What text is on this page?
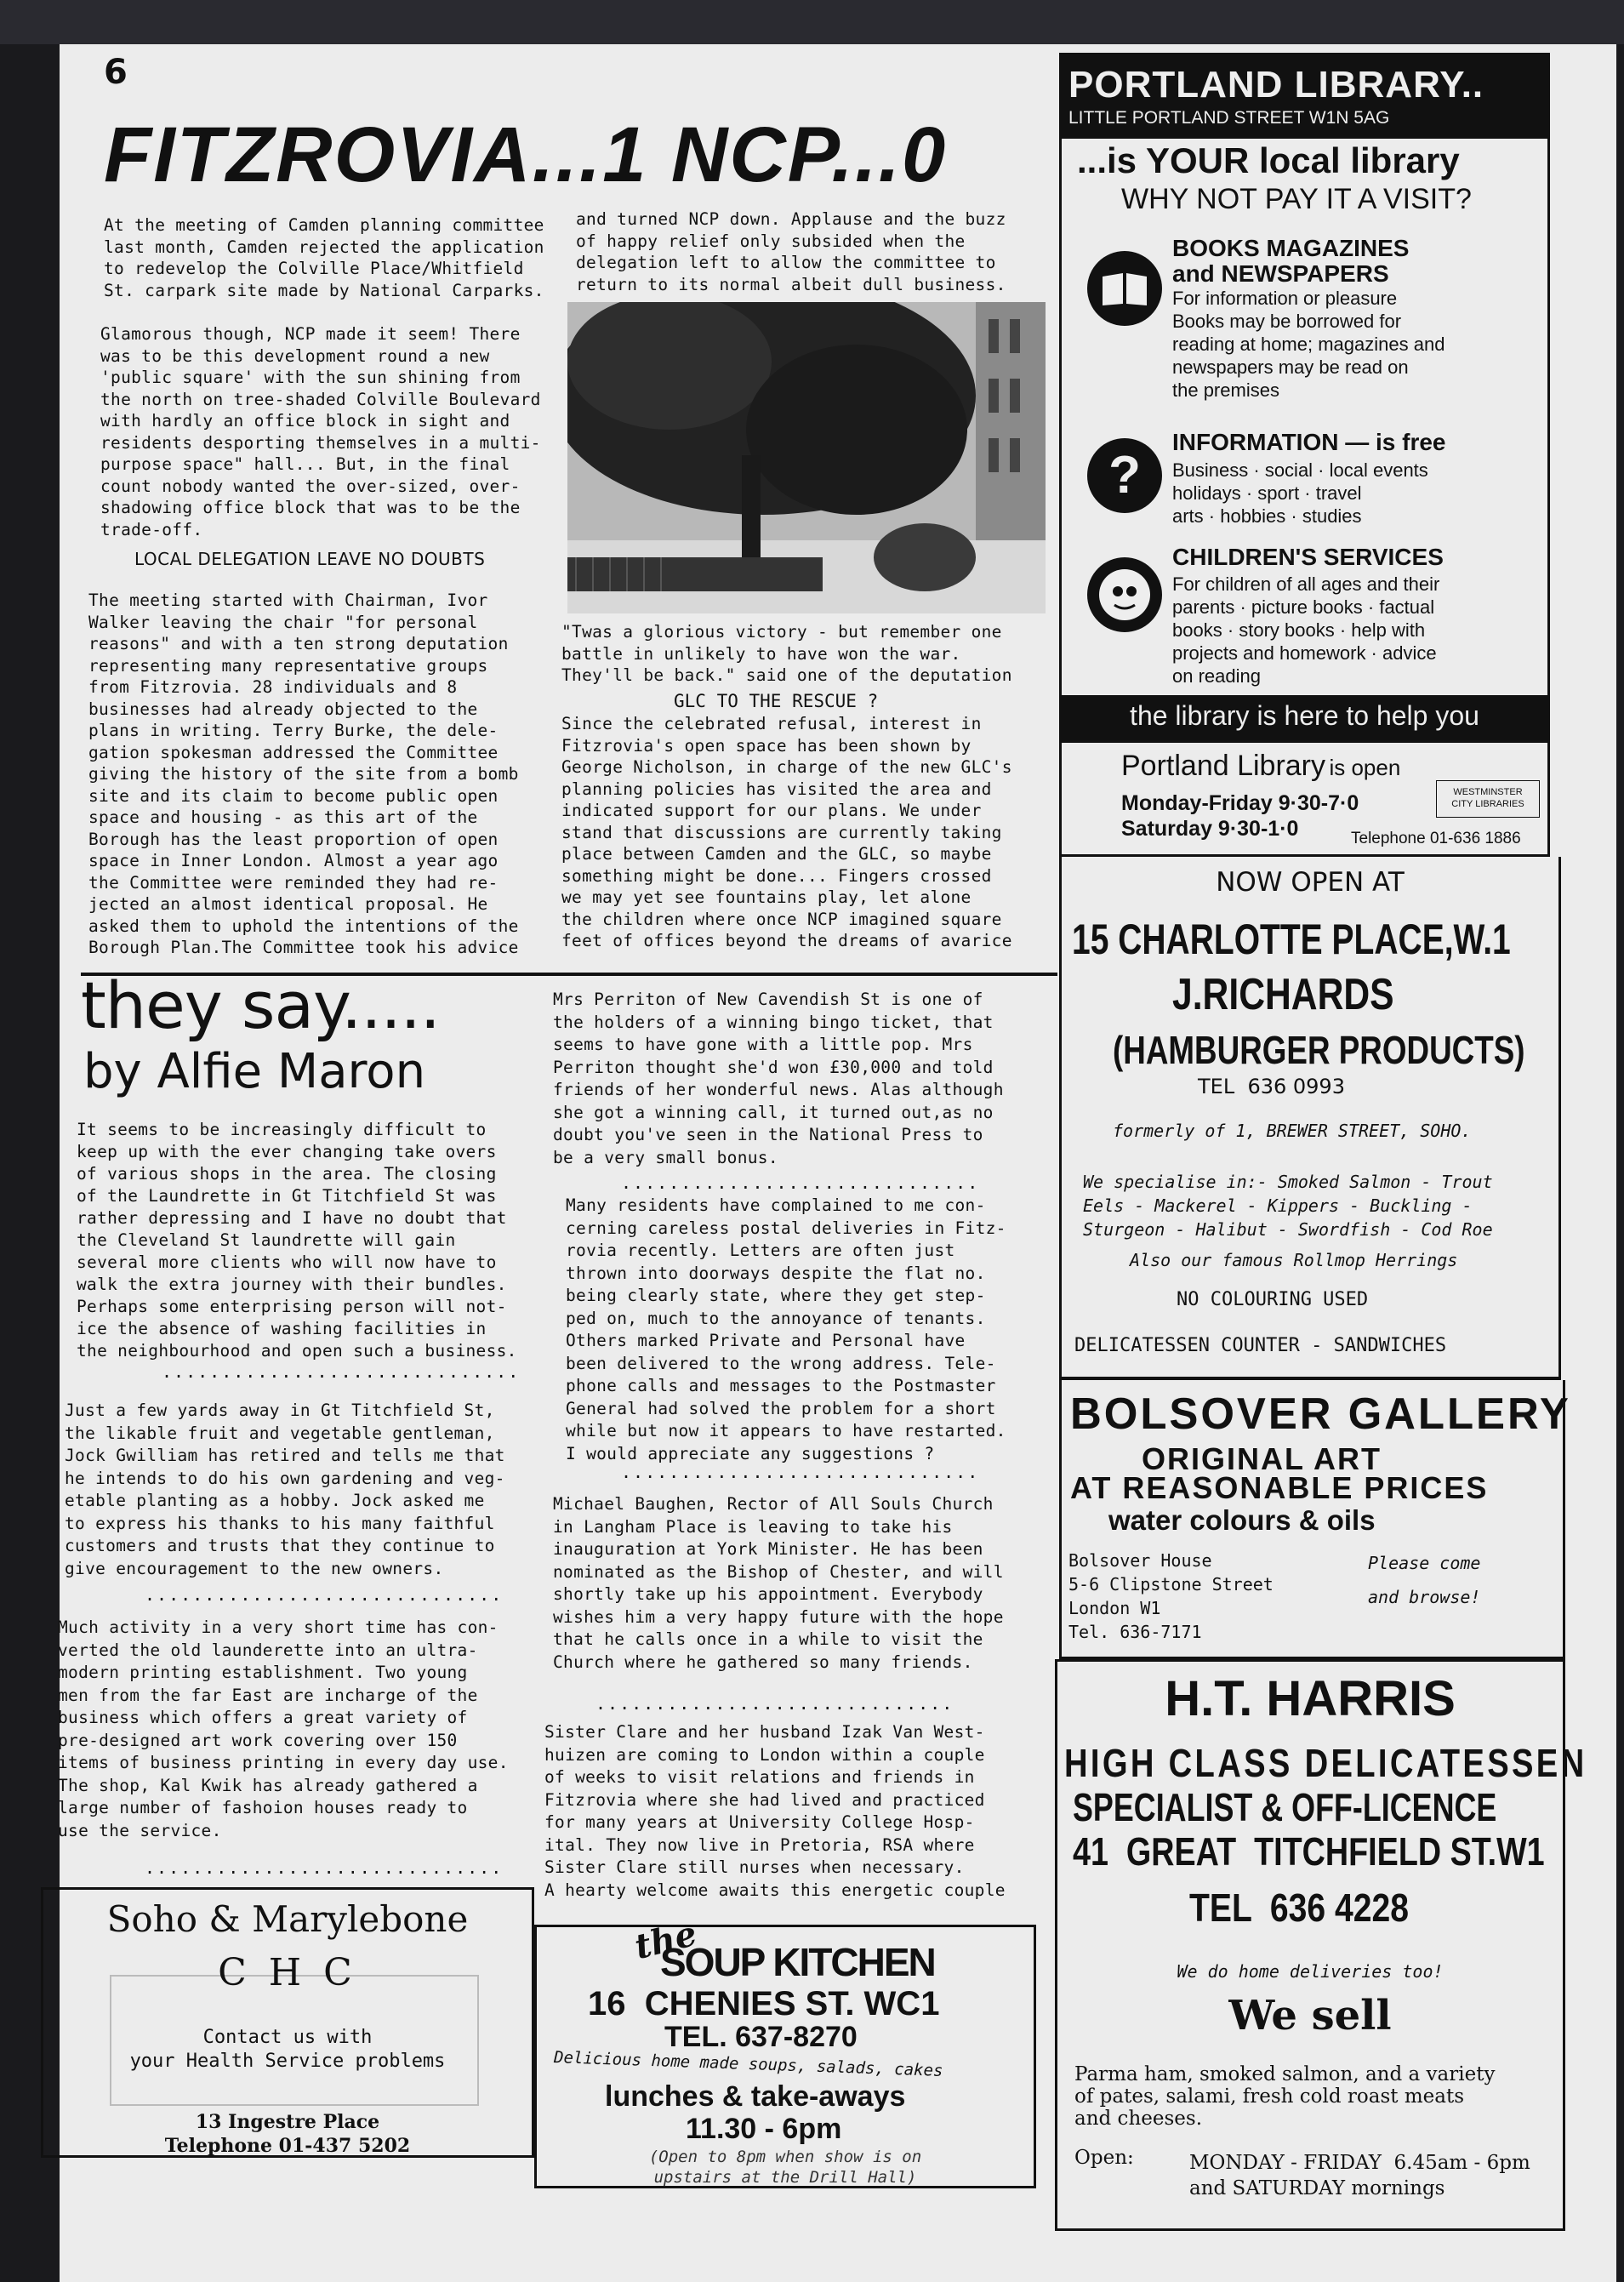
6
FITZROVIA...1 NCP...0
At the meeting of Camden planning committee
last month, Camden rejected the application
to redevelop the Colville Place/Whitfield
St. carpark site made by National Carparks.
and turned NCP down. Applause and the buzz
of happy relief only subsided when the
delegation left to allow the committee to
return to its normal albeit dull business.
Glamorous though, NCP made it seem! There
was to be this development round a new
'public square' with the sun shining from
the north on tree-shaded Colville Boulevard
with hardly an office block in sight and
residents desporting themselves in a multi-
purpose space" hall... But, in the final
count nobody wanted the over-sized, over-
shadowing office block that was to be the
trade-off.
LOCAL DELEGATION LEAVE NO DOUBTS
The meeting started with Chairman, Ivor
Walker leaving the chair "for personal
reasons" and with a ten strong deputation
representing many representative groups
from Fitzrovia. 28 individuals and 8
businesses had already objected to the
plans in writing. Terry Burke, the dele-
gation spokesman addressed the Committee
giving the history of the site from a bomb
site and its claim to become public open
space and housing - as this art of the
Borough has the least proportion of open
space in Inner London. Almost a year ago
the Committee were reminded they had re-
jected an almost identical proposal. He
asked them to uphold the intentions of the
Borough Plan.The Committee took his advice
"Twas a glorious victory - but remember one
battle in unlikely to have won the war.
They'll be back." said one of the deputation
GLC TO THE RESCUE ?
Since the celebrated refusal, interest in
Fitzrovia's open space has been shown by
George Nicholson, in charge of the new GLC's
planning policies has visited the area and
indicated support for our plans. We under
stand that discussions are currently taking
place between Camden and the GLC, so maybe
something might be done... Fingers crossed
we may yet see fountains play, let alone
the children where once NCP imagined square
feet of offices beyond the dreams of avarice
they say.....
by Alfie Maron
It seems to be increasingly difficult to
keep up with the ever changing take overs
of various shops in the area. The closing
of the Laundrette in Gt Titchfield St was
rather depressing and I have no doubt that
the Cleveland St laundrette will gain
several more clients who will now have to
walk the extra journey with their bundles.
Perhaps some enterprising person will not-
ice the absence of washing facilities in
the neighbourhood and open such a business.
..............................
Just a few yards away in Gt Titchfield St,
the likable fruit and vegetable gentleman,
Jock Gwilliam has retired and tells me that
he intends to do his own gardening and veg-
etable planting as a hobby. Jock asked me
to express his thanks to his many faithful
customers and trusts that they continue to
give encouragement to the new owners.
..............................
Much activity in a very short time has con-
verted the old launderette into an ultra-
modern printing establishment. Two young
men from the far East are incharge of the
business which offers a great variety of
pre-designed art work covering over 150
items of business printing in every day use.
The shop, Kal Kwik has already gathered a
large number of fashoion houses ready to
use the service.
..............................
Mrs Perriton of New Cavendish St is one of
the holders of a winning bingo ticket, that
seems to have gone with a little pop. Mrs
Perriton thought she'd won £30,000 and told
friends of her wonderful news. Alas although
she got a winning call, it turned out,as no
doubt you've seen in the National Press to
be a very small bonus.
..............................
Many residents have complained to me con-
cerning careless postal deliveries in Fitz-
rovia recently. Letters are often just
thrown into doorways despite the flat no.
being clearly state, where they get step-
ped on, much to the annoyance of tenants.
Others marked Private and Personal have
been delivered to the wrong address. Tele-
phone calls and messages to the Postmaster
General had solved the problem for a short
while but now it appears to have restarted.
I would appreciate any suggestions ?
..............................
Michael Baughen, Rector of All Souls Church
in Langham Place is leaving to take his
inauguration at York Minister. He has been
nominated as the Bishop of Chester, and will
shortly take up his appointment. Everybody
wishes him a very happy future with the hope
that he calls once in a while to visit the
Church where he gathered so many friends.
..............................
Sister Clare and her husband Izak Van West-
huizen are coming to London within a couple
of weeks to visit relations and friends in
Fitzrovia where she had lived and practiced
for many years at University College Hosp-
ital. They now live in Pretoria, RSA where
Sister Clare still nurses when necessary.
A hearty welcome awaits this energetic couple
Soho & Marylebone
C H C
Contact us with
your Health Service problems
13 Ingestre Place
Telephone 01-437 5202
the
SOUP KITCHEN
16  CHENIES ST. WC1
TEL. 637-8270
Delicious home made soups, salads, cakes
lunches & take-aways
11.30 - 6pm
(Open to 8pm when show is on
upstairs at the Drill Hall)
PORTLAND LIBRARY..
LITTLE PORTLAND STREET W1N 5AG
...is YOUR local library
WHY NOT PAY IT A VISIT?
BOOKS MAGAZINES
and NEWSPAPERS
For information or pleasure
Books may be borrowed for
reading at home; magazines and
newspapers may be read on
the premises
?
INFORMATION — is free
Business · social · local events
holidays · sport · travel
arts · hobbies · studies
CHILDREN'S SERVICES
For children of all ages and their
parents · picture books · factual
books · story books · help with
projects and homework · advice
on reading
the library is here to help you
Portland Library is open
Monday-Friday 9·30-7·0
Saturday 9·30-1·0
WESTMINSTER
CITY LIBRARIES
Telephone 01-636 1886
NOW OPEN AT
15 CHARLOTTE PLACE,W.1
J.RICHARDS
(HAMBURGER PRODUCTS)
TEL  636 0993
formerly of 1, BREWER STREET, SOHO.
We specialise in:- Smoked Salmon - Trout
Eels - Mackerel - Kippers - Buckling -
Sturgeon - Halibut - Swordfish - Cod Roe
Also our famous Rollmop Herrings
NO COLOURING USED
DELICATESSEN COUNTER - SANDWICHES
BOLSOVER GALLERY
ORIGINAL ART
AT REASONABLE PRICES
water colours & oils
Bolsover House
5-6 Clipstone Street
London W1
Tel. 636-7171
Please come

and browse!
H.T. HARRIS
HIGH CLASS DELICATESSEN
SPECIALIST & OFF-LICENCE
41  GREAT  TITCHFIELD ST.W1
TEL  636 4228
We do home deliveries too!
We sell
Parma ham, smoked salmon, and a variety
of pates, salami, fresh cold roast meats
and cheeses.
Open:	MONDAY - FRIDAY  6.45am - 6pm
and SATURDAY mornings
